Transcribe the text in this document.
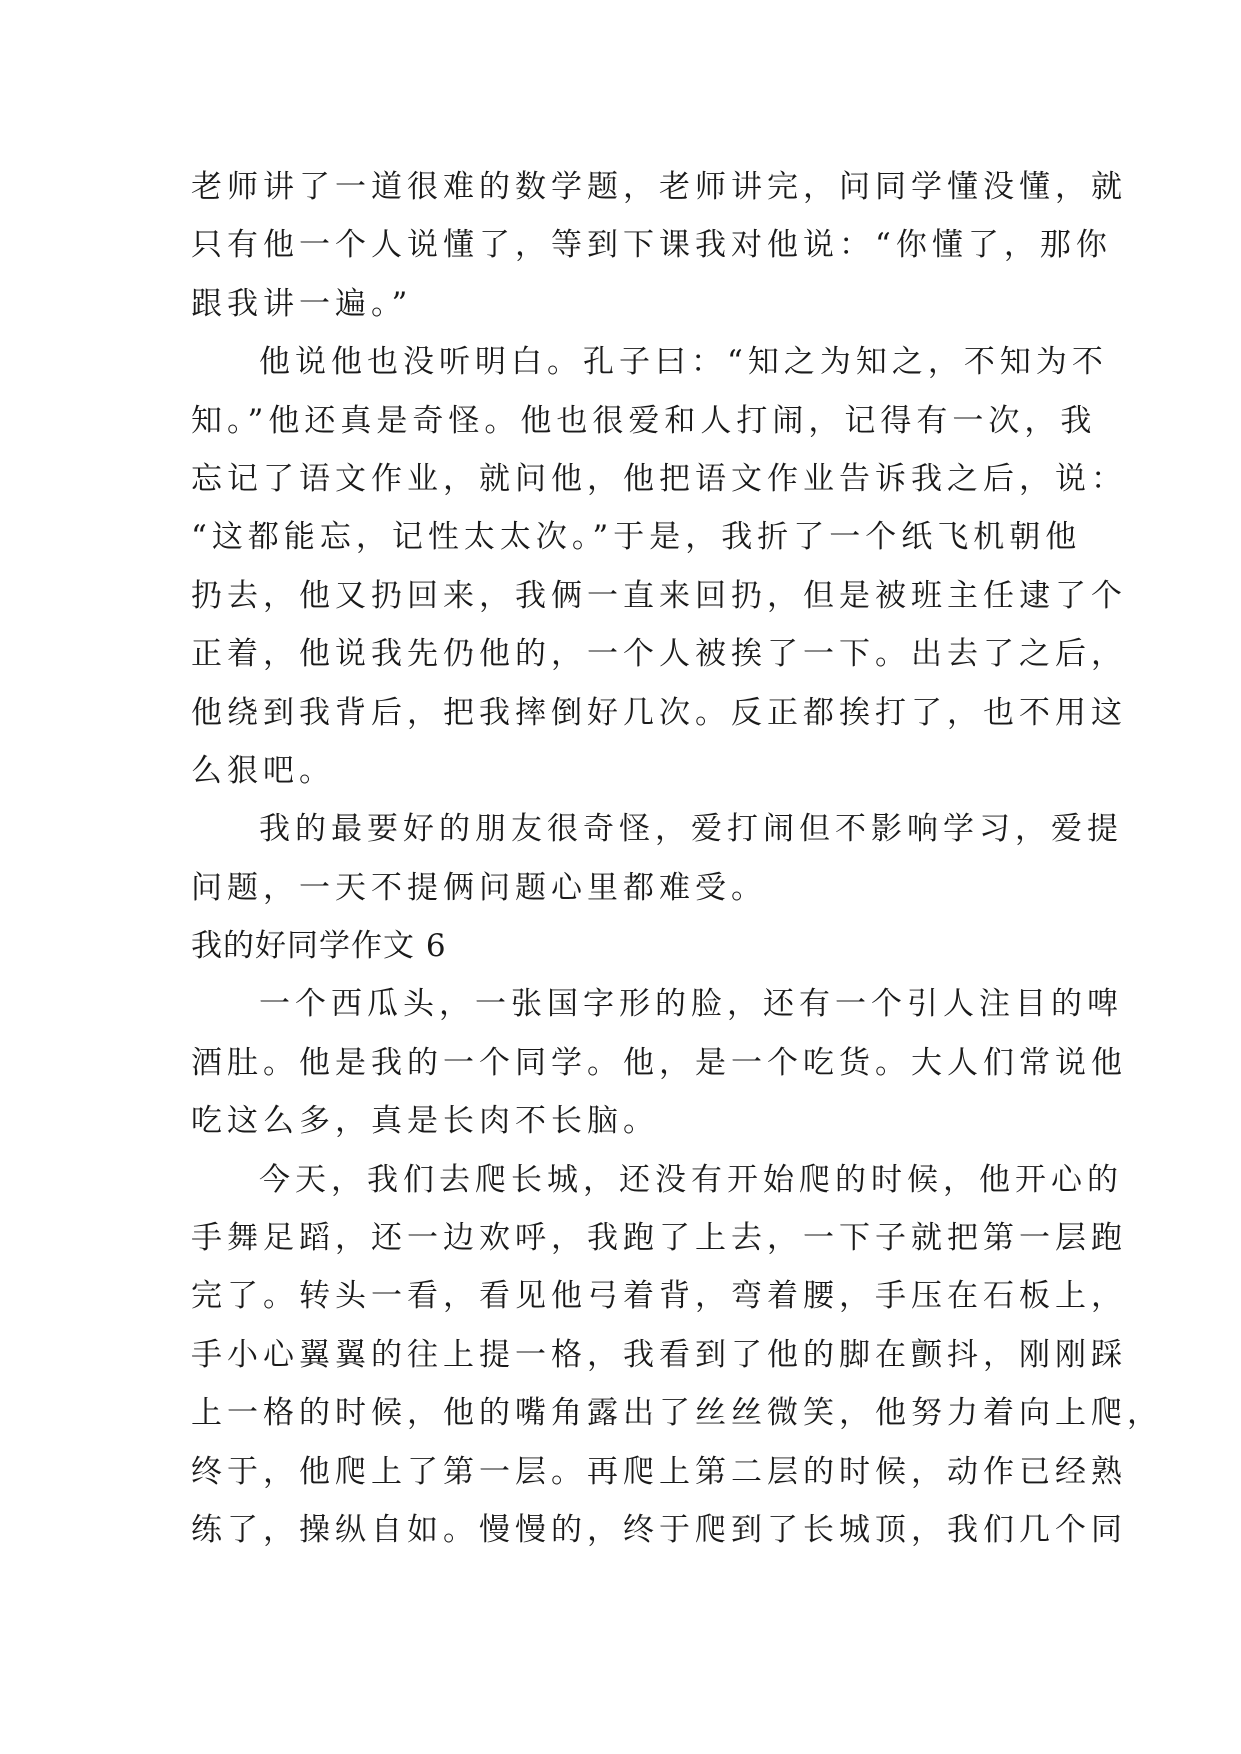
老师讲了一道很难的数学题，老师讲完，问同学懂没懂，就
只有他一个人说懂了，等到下课我对他说：“你懂了，那你
跟我讲一遍。”
他说他也没听明白。孔子曰：“知之为知之，不知为不
知。”他还真是奇怪。他也很爱和人打闹，记得有一次，我
忘记了语文作业，就问他，他把语文作业告诉我之后，说：
“这都能忘，记性太太次。”于是，我折了一个纸飞机朝他
扔去，他又扔回来，我俩一直来回扔，但是被班主任逮了个
正着，他说我先仍他的，一个人被挨了一下。出去了之后，
他绕到我背后，把我摔倒好几次。反正都挨打了，也不用这
么狠吧。
我的最要好的朋友很奇怪，爱打闹但不影响学习，爱提
问题，一天不提俩问题心里都难受。
我的好同学作文 6
一个西瓜头，一张国字形的脸，还有一个引人注目的啤
酒肚。他是我的一个同学。他，是一个吃货。大人们常说他
吃这么多，真是长肉不长脑。
今天，我们去爬长城，还没有开始爬的时候，他开心的
手舞足蹈，还一边欢呼，我跑了上去，一下子就把第一层跑
完了。转头一看，看见他弓着背，弯着腰，手压在石板上，
手小心翼翼的往上提一格，我看到了他的脚在颤抖，刚刚踩
上一格的时候，他的嘴角露出了丝丝微笑，他努力着向上爬，
终于，他爬上了第一层。再爬上第二层的时候，动作已经熟
练了，操纵自如。慢慢的，终于爬到了长城顶，我们几个同
